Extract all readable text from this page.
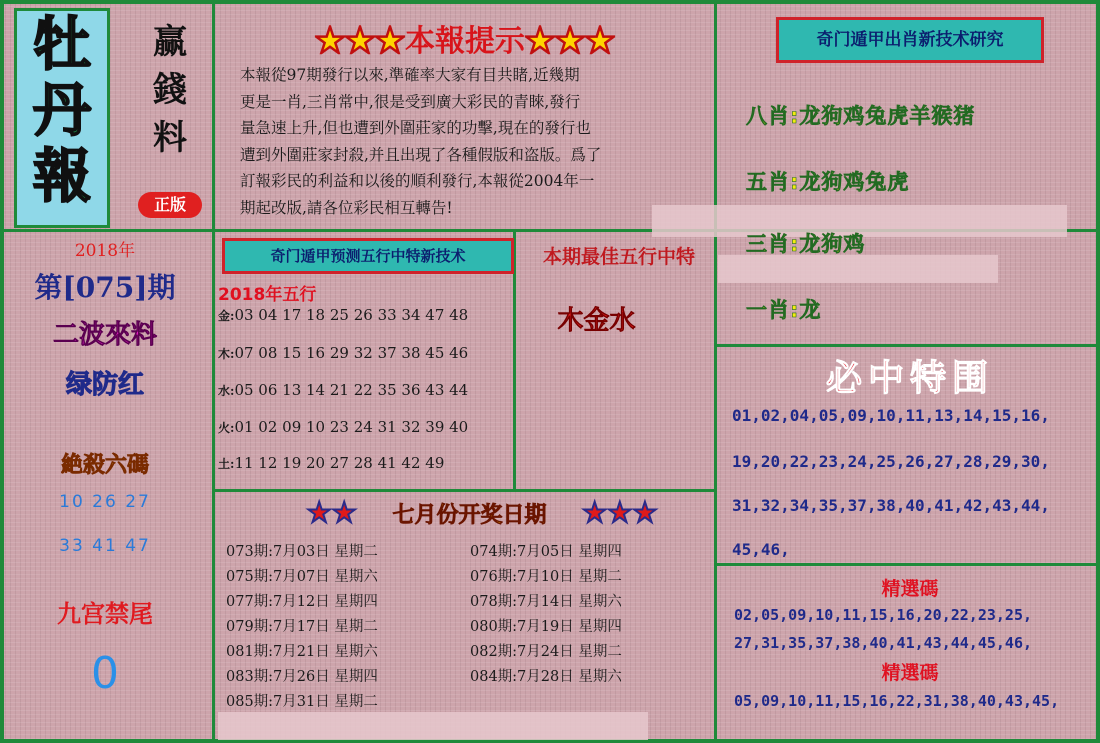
牡
丹
報
赢
錢
料
正版
★★★本報提示★★★
本報從97期發行以來,準確率大家有目共睹,近幾期
更是一肖,三肖常中,很是受到廣大彩民的青睞,發行
量急速上升,但也遭到外圍莊家的功擊,現在的發行也
遭到外圍莊家封殺,并且出現了各種假版和盗版。爲了
訂報彩民的利益和以後的順利發行,本報從2004年一
期起改版,請各位彩民相互轉告!
奇门遁甲出肖新技术研究
八肖:龙狗鸡兔虎羊猴猪
五肖:龙狗鸡兔虎
三肖:龙狗鸡
一肖:龙
2018年
第[075]期
二波來料
绿防红
絶殺六碼
10 26 27
33 41 47
九宫禁尾
0
奇门遁甲预测五行中特新技术
2018年五行
金:03 04 17 18 25 26 33 34 47 48
木:07 08 15 16 29 32 37 38 45 46
水:05 06 13 14 21 22 35 36 43 44
火:01 02 09 10 23 24 31 32 39 40
土:11 12 19 20 27 28 41 42 49
本期最佳五行中特
木金水
★★ 七月份开奖日期 ★★★
073期:7月03日 星期二	074期:7月05日 星期四
075期:7月07日 星期六	076期:7月10日 星期二
077期:7月12日 星期四	078期:7月14日 星期六
079期:7月17日 星期二	080期:7月19日 星期四
081期:7月21日 星期六	082期:7月24日 星期二
083期:7月26日 星期四	084期:7月28日 星期六
085期:7月31日 星期二
必中特围
01,02,04,05,09,10,11,13,14,15,16,
19,20,22,23,24,25,26,27,28,29,30,
31,32,34,35,37,38,40,41,42,43,44,
45,46,
精選碼
02,05,09,10,11,15,16,20,22,23,25,
27,31,35,37,38,40,41,43,44,45,46,
精選碼
05,09,10,11,15,16,22,31,38,40,43,45,
